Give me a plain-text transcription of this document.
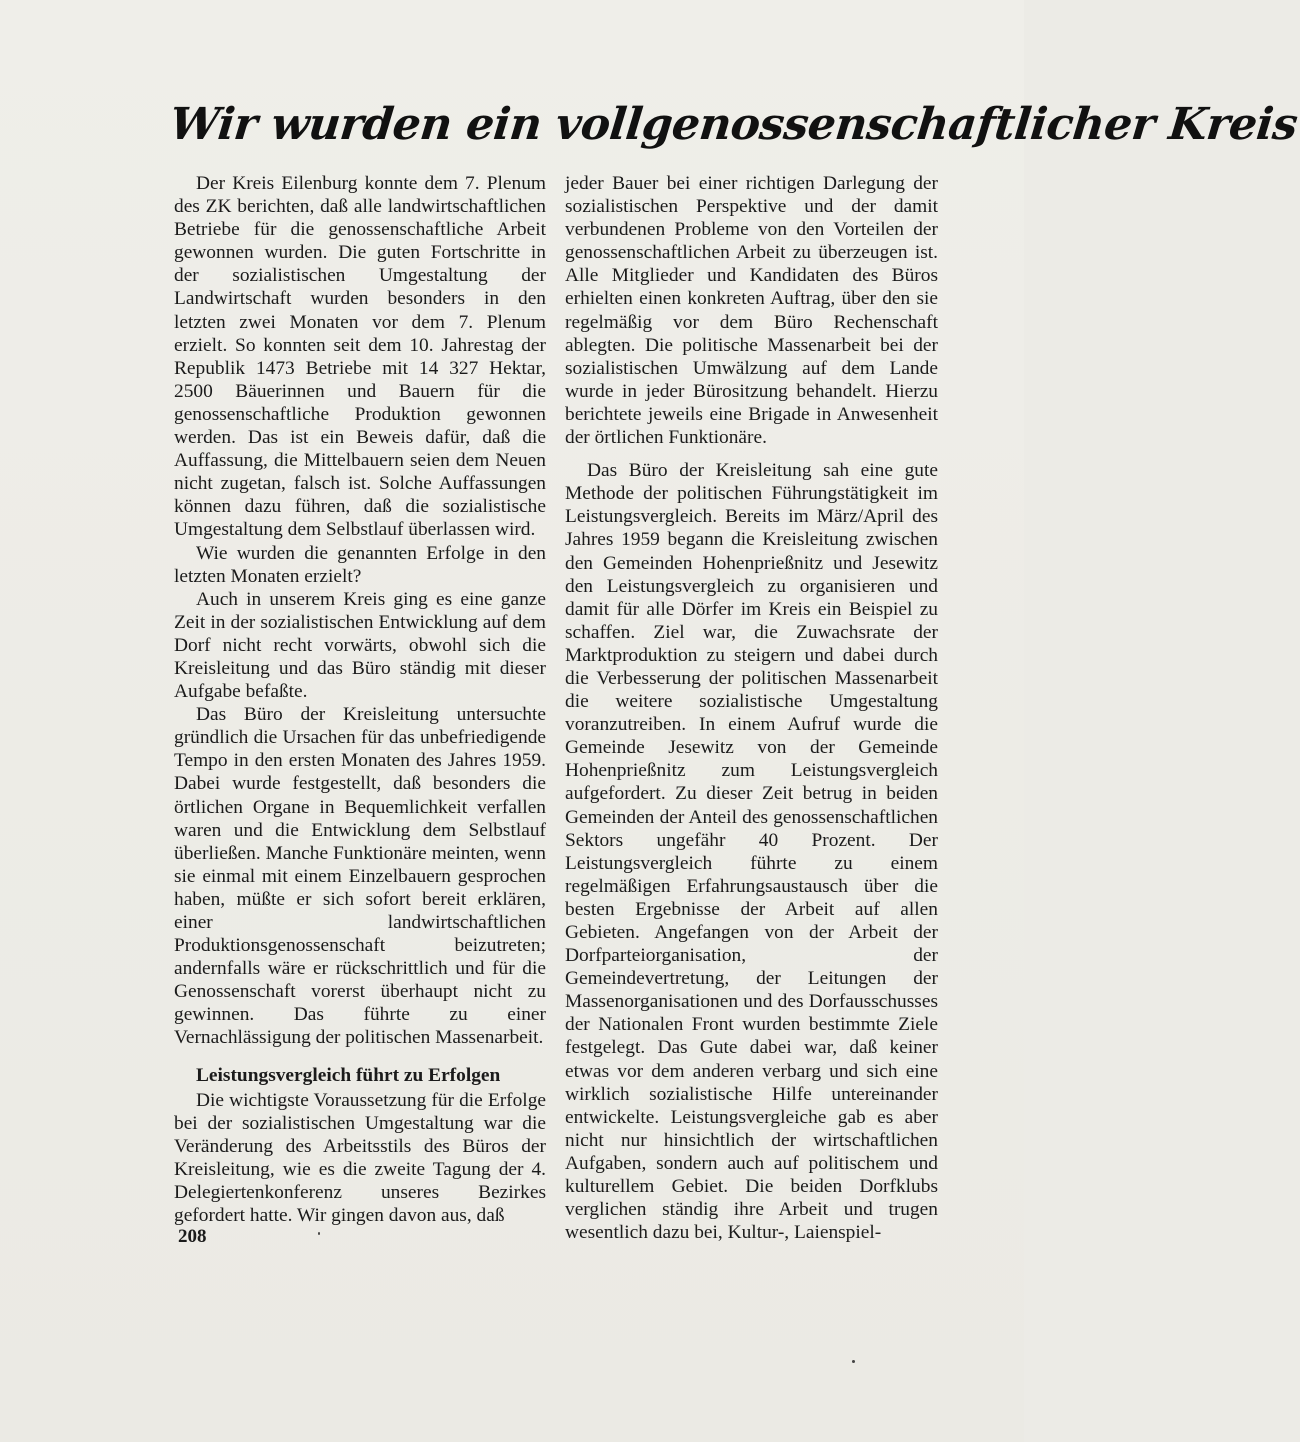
Wir wurden ein vollgenossenschaftlicher Kreis

Der Kreis Eilenburg konnte dem 7. Plenum des ZK berichten, daß alle landwirtschaftlichen Betriebe für die genossenschaftliche Arbeit gewonnen wurden. Die guten Fortschritte in der sozialistischen Umgestaltung der Landwirtschaft wurden besonders in den letzten zwei Monaten vor dem 7. Plenum erzielt. So konnten seit dem 10. Jahrestag der Republik 1473 Betriebe mit 14 327 Hektar, 2500 Bäuerinnen und Bauern für die genossenschaftliche Produktion gewonnen werden. Das ist ein Beweis dafür, daß die Auffassung, die Mittelbauern seien dem Neuen nicht zugetan, falsch ist. Solche Auffassungen können dazu führen, daß die sozialistische Umgestaltung dem Selbstlauf überlassen wird.

Wie wurden die genannten Erfolge in den letzten Monaten erzielt?

Auch in unserem Kreis ging es eine ganze Zeit in der sozialistischen Entwicklung auf dem Dorf nicht recht vorwärts, obwohl sich die Kreisleitung und das Büro ständig mit dieser Aufgabe befaßte.

Das Büro der Kreisleitung untersuchte gründlich die Ursachen für das unbefriedigende Tempo in den ersten Monaten des Jahres 1959. Dabei wurde festgestellt, daß besonders die örtlichen Organe in Bequemlichkeit verfallen waren und die Entwicklung dem Selbstlauf überließen. Manche Funktionäre meinten, wenn sie einmal mit einem Einzelbauern gesprochen haben, müßte er sich sofort bereit erklären, einer landwirtschaftlichen Produktionsgenossenschaft beizutreten; andernfalls wäre er rückschrittlich und für die Genossenschaft vorerst überhaupt nicht zu gewinnen. Das führte zu einer Vernachlässigung der politischen Massenarbeit.

Leistungsvergleich führt zu Erfolgen

Die wichtigste Voraussetzung für die Erfolge bei der sozialistischen Umgestaltung war die Veränderung des Arbeitsstils des Büros der Kreisleitung, wie es die zweite Tagung der 4. Delegiertenkonferenz unseres Bezirkes gefordert hatte. Wir gingen davon aus, daß

jeder Bauer bei einer richtigen Darlegung der sozialistischen Perspektive und der damit verbundenen Probleme von den Vorteilen der genossenschaftlichen Arbeit zu überzeugen ist. Alle Mitglieder und Kandidaten des Büros erhielten einen konkreten Auftrag, über den sie regelmäßig vor dem Büro Rechenschaft ablegten. Die politische Massenarbeit bei der sozialistischen Umwälzung auf dem Lande wurde in jeder Bürositzung behandelt. Hierzu berichtete jeweils eine Brigade in Anwesenheit der örtlichen Funktionäre.

Das Büro der Kreisleitung sah eine gute Methode der politischen Führungstätigkeit im Leistungsvergleich. Bereits im März/April des Jahres 1959 begann die Kreisleitung zwischen den Gemeinden Hohenprießnitz und Jesewitz den Leistungsvergleich zu organisieren und damit für alle Dörfer im Kreis ein Beispiel zu schaffen. Ziel war, die Zuwachsrate der Marktproduktion zu steigern und dabei durch die Verbesserung der politischen Massenarbeit die weitere sozialistische Umgestaltung voranzutreiben. In einem Aufruf wurde die Gemeinde Jesewitz von der Gemeinde Hohenprießnitz zum Leistungsvergleich aufgefordert. Zu dieser Zeit betrug in beiden Gemeinden der Anteil des genossenschaftlichen Sektors ungefähr 40 Prozent. Der Leistungsvergleich führte zu einem regelmäßigen Erfahrungsaustausch über die besten Ergebnisse der Arbeit auf allen Gebieten. Angefangen von der Arbeit der Dorfparteiorganisation, der Gemeindevertretung, der Leitungen der Massenorganisationen und des Dorfausschusses der Nationalen Front wurden bestimmte Ziele festgelegt. Das Gute dabei war, daß keiner etwas vor dem anderen verbarg und sich eine wirklich sozialistische Hilfe untereinander entwickelte. Leistungsvergleiche gab es aber nicht nur hinsichtlich der wirtschaftlichen Aufgaben, sondern auch auf politischem und kulturellem Gebiet. Die beiden Dorfklubs verglichen ständig ihre Arbeit und trugen wesentlich dazu bei, Kultur-, Laienspiel-

208
